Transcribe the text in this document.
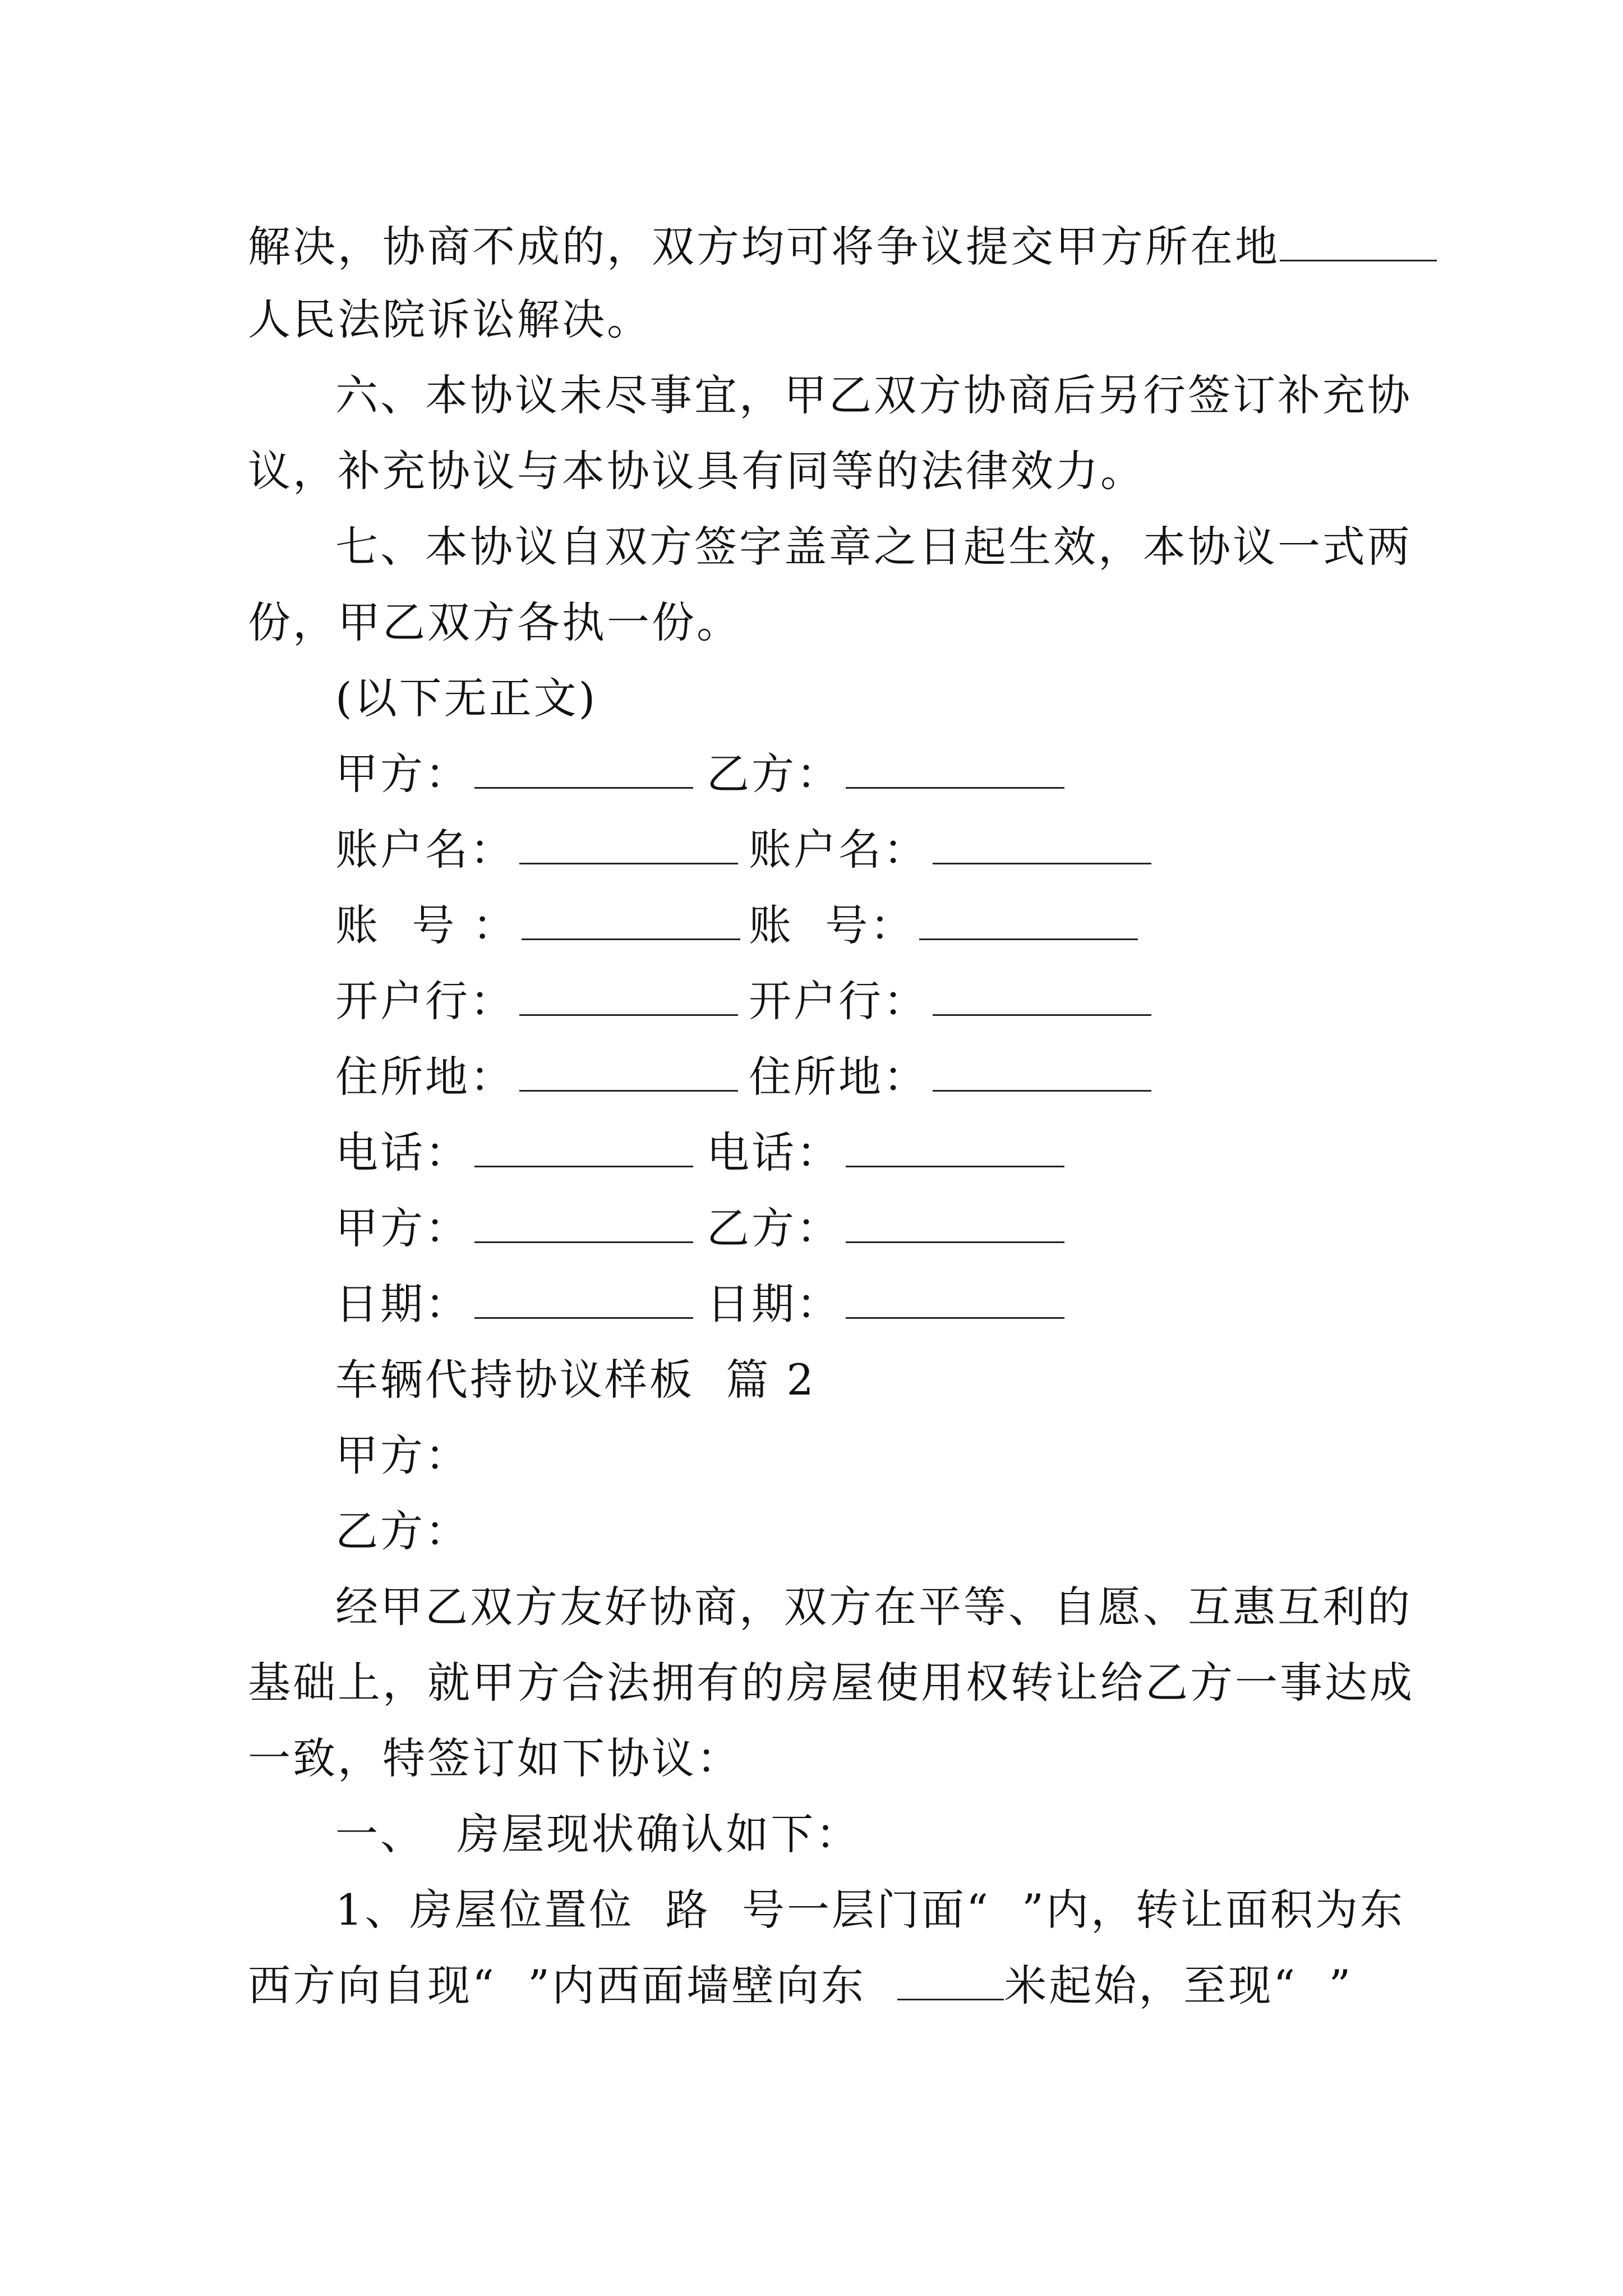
解决，协商不成的，双方均可将争议提交甲方所在地
人民法院诉讼解决。
六、本协议未尽事宜，甲乙双方协商后另行签订补充协
议，补充协议与本协议具有同等的法律效力。
七、本协议自双方签字盖章之日起生效，本协议一式两
份，甲乙双方各执一份。
(以下无正文)
甲方：	乙方：
账户名：	账户名：
账  号 ：	账  号：
开户行：	开户行：
住所地：	住所地：
电话：	电话：
甲方：	乙方：
日期：	日期：
车辆代持协议样板  篇 2
甲方：
乙方：
经甲乙双方友好协商，双方在平等、自愿、互惠互利的
基础上，就甲方合法拥有的房屋使用权转让给乙方一事达成
一致，特签订如下协议：
一、  房屋现状确认如下：
1、房屋位置位  路  号一层门面“  ”内，转让面积为东
西方向自现“  ”内西面墙壁向东	米起始，至现“  ”
